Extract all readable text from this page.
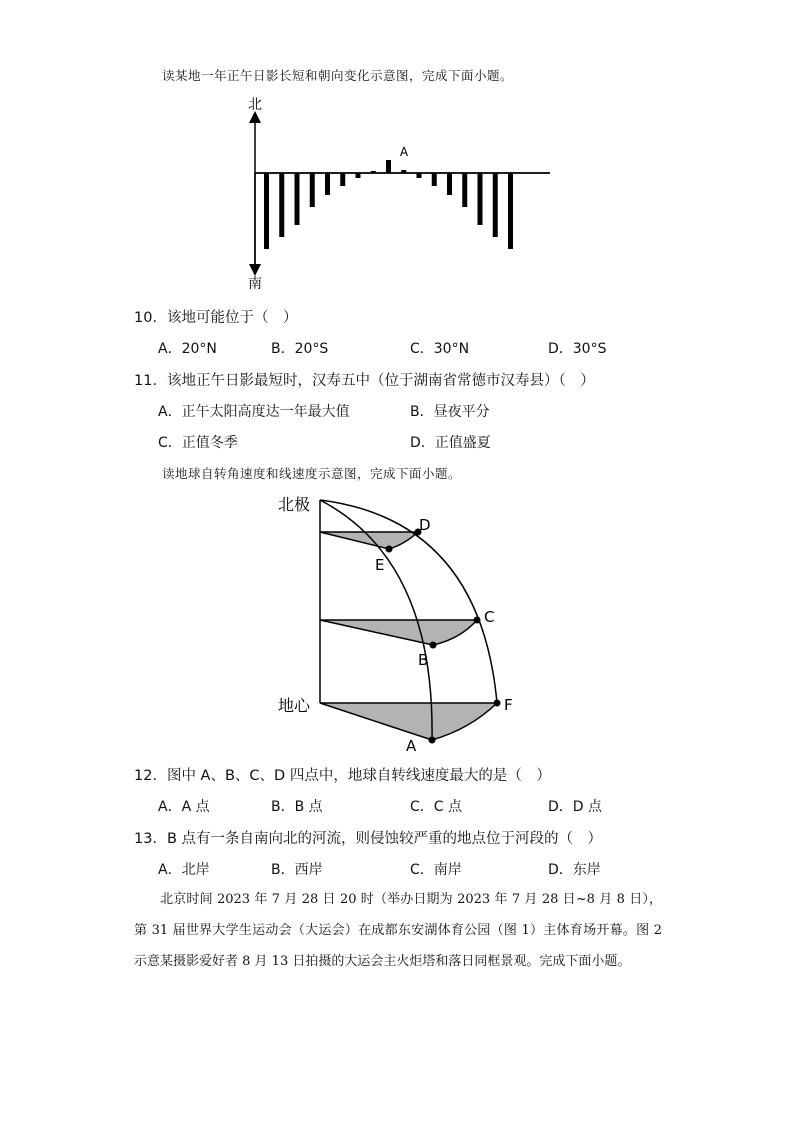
读某地一年正午日影长短和朝向变化示意图，完成下面小题。
北
南
A
10．该地可能位于（　）
A．20°N	B．20°S	C．30°N	D．30°S
11．该地正午日影最短时，汉寿五中（位于湖南省常德市汉寿县）（　）
A．正午太阳高度达一年最大值	B．昼夜平分
C．正值冬季	D．正值盛夏
读地球自转角速度和线速度示意图，完成下面小题。
北极
地心
D
E
C
B
F
A
12．图中 A、B、C、D 四点中，地球自转线速度最大的是（　）
A．A 点	B．B 点	C．C 点	D．D 点
13．B 点有一条自南向北的河流，则侵蚀较严重的地点位于河段的（　）
A．北岸	B．西岸	C．南岸	D．东岸
北京时间 2023 年 7 月 28 日 20 时（举办日期为 2023 年 7 月 28 日~8 月 8 日），第 31 届世界大学生运动会（大运会）在成都东安湖体育公园（图 1）主体育场开幕。图 2 示意某摄影爱好者 8 月 13 日拍摄的大运会主火炬塔和落日同框景观。完成下面小题。
